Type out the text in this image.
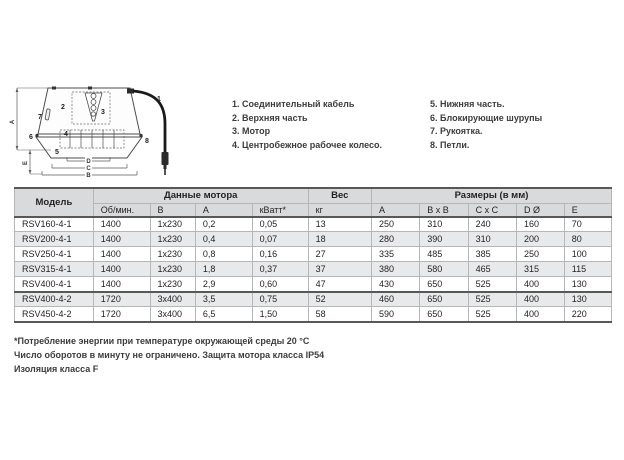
1
2
3
4
5
6
7
8
A
E	D
C
B
1. Соединительный кабель
2. Верхняя часть
3. Мотор
4. Центробежное рабочее колесо.
5. Нижняя часть.
6. Блокирующие шурупы
7. Рукоятка.
8. Петли.
Модель	Данные мотора				Вес	Размеры (в мм)				
	Об/мин.	В	А	кВатт*	кг	A	B x B	C x C	D Ø	E
RSV160-4-1	1400	1x230	0,2	0,05	13	250	310	240	160	70
RSV200-4-1	1400	1x230	0,4	0,07	18	280	390	310	200	80
RSV250-4-1	1400	1x230	0,8	0,16	27	335	485	385	250	100
RSV315-4-1	1400	1x230	1,8	0,37	37	380	580	465	315	115
RSV400-4-1	1400	1x230	2,9	0,60	47	430	650	525	400	130
RSV400-4-2	1720	3x400	3,5	0,75	52	460	650	525	400	130
RSV450-4-2	1720	3x400	6,5	1,50	58	590	650	525	400	220
*Потребление энергии при температуре окружающей среды 20 °C
Число оборотов в минуту не ограничено. Защита мотора класса IP54
Изоляция класса F
